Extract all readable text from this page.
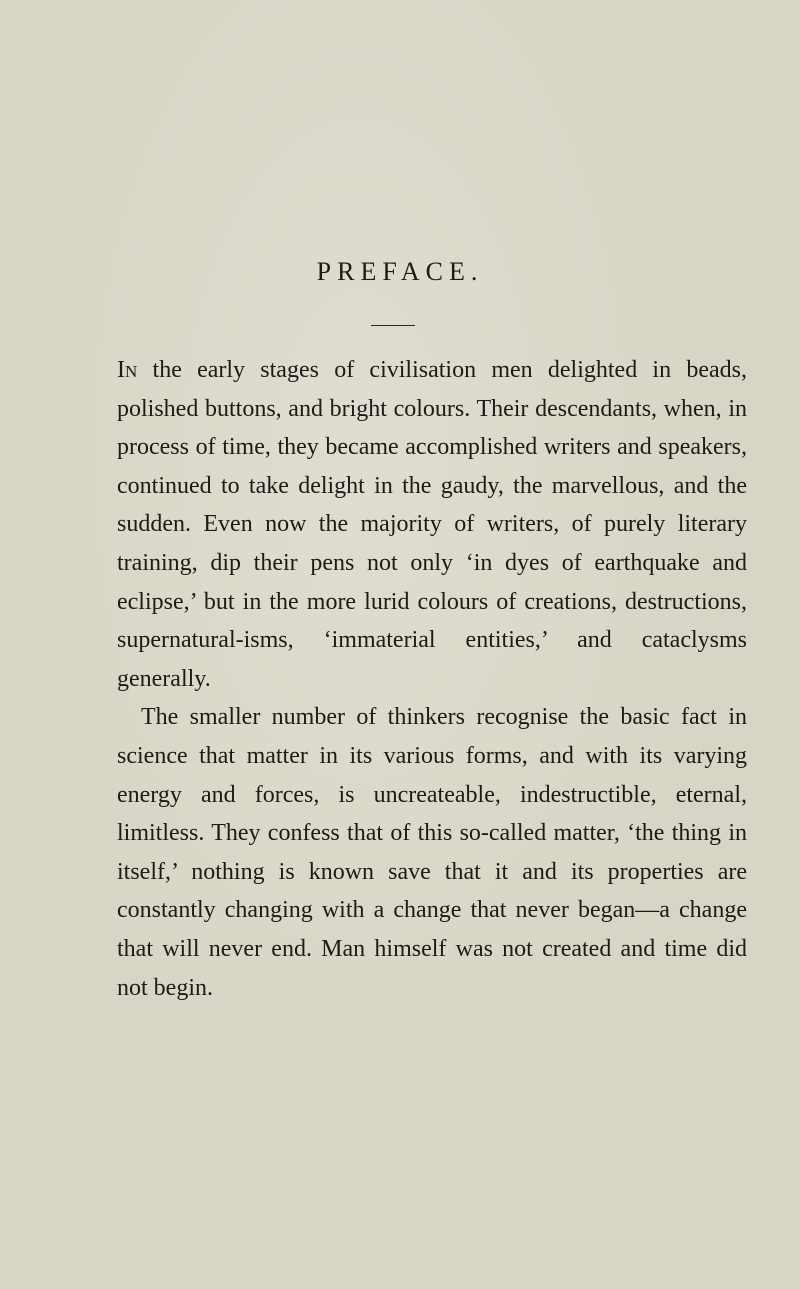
PREFACE.

In the early stages of civilisation men delighted in beads, polished buttons, and bright colours. Their descendants, when, in process of time, they became accomplished writers and speakers, continued to take delight in the gaudy, the marvellous, and the sudden. Even now the majority of writers, of purely literary training, dip their pens not only ‘in dyes of earthquake and eclipse,’ but in the more lurid colours of creations, destructions, supernatural-isms, ‘immaterial entities,’ and cataclysms generally.

The smaller number of thinkers recognise the basic fact in science that matter in its various forms, and with its varying energy and forces, is uncreateable, indestructible, eternal, limitless. They confess that of this so-called matter, ‘the thing in itself,’ nothing is known save that it and its properties are constantly changing with a change that never began—a change that will never end. Man himself was not created and time did not begin.
